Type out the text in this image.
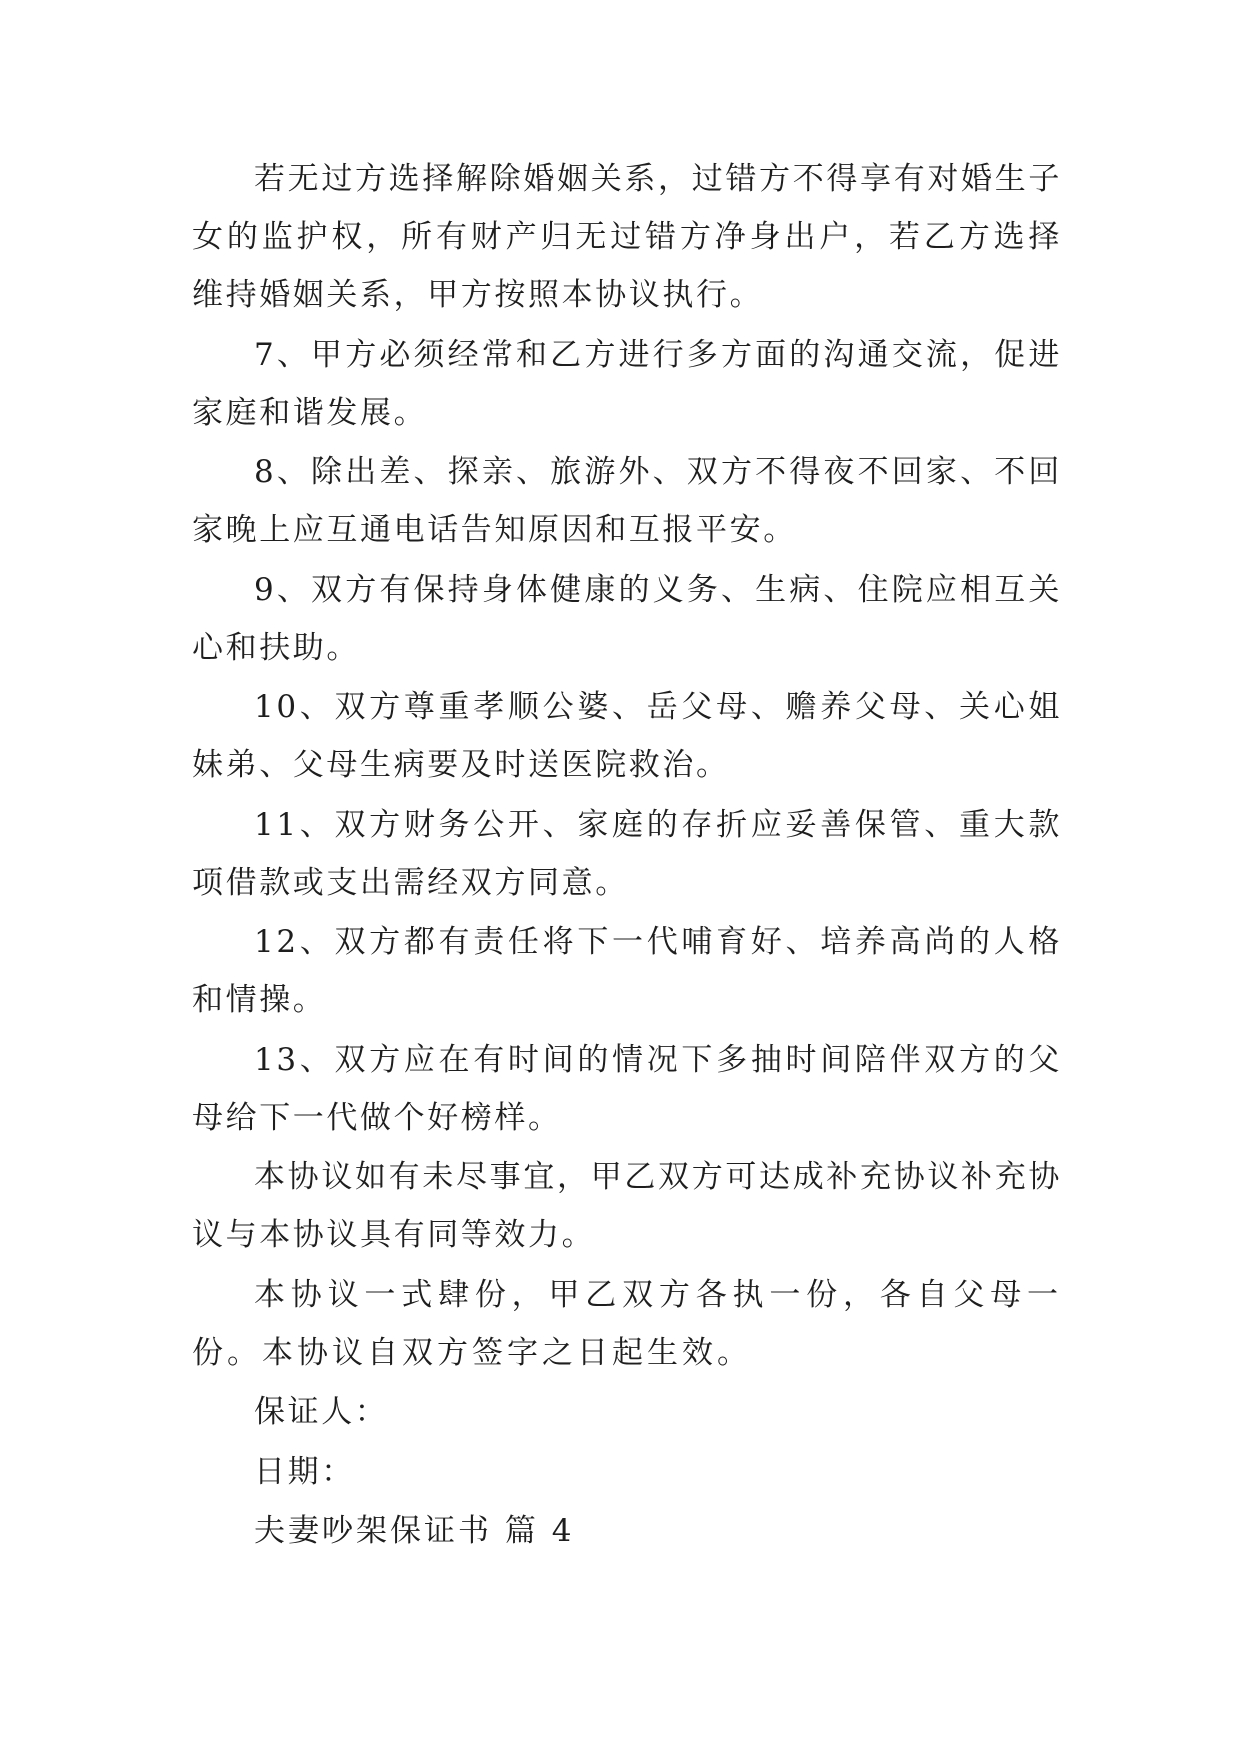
若无过方选择解除婚姻关系，过错方不得享有对婚生子女的监护权，所有财产归无过错方净身出户，若乙方选择维持婚姻关系，甲方按照本协议执行。

7、甲方必须经常和乙方进行多方面的沟通交流，促进家庭和谐发展。

8、除出差、探亲、旅游外、双方不得夜不回家、不回家晚上应互通电话告知原因和互报平安。

9、双方有保持身体健康的义务、生病、住院应相互关心和扶助。

10、双方尊重孝顺公婆、岳父母、赡养父母、关心姐妹弟、父母生病要及时送医院救治。

11、双方财务公开、家庭的存折应妥善保管、重大款项借款或支出需经双方同意。

12、双方都有责任将下一代哺育好、培养高尚的人格和情操。

13、双方应在有时间的情况下多抽时间陪伴双方的父母给下一代做个好榜样。

本协议如有未尽事宜，甲乙双方可达成补充协议补充协议与本协议具有同等效力。

本协议一式肆份，甲乙双方各执一份，各自父母一份。本协议自双方签字之日起生效。

保证人：

日期：

夫妻吵架保证书 篇 4
